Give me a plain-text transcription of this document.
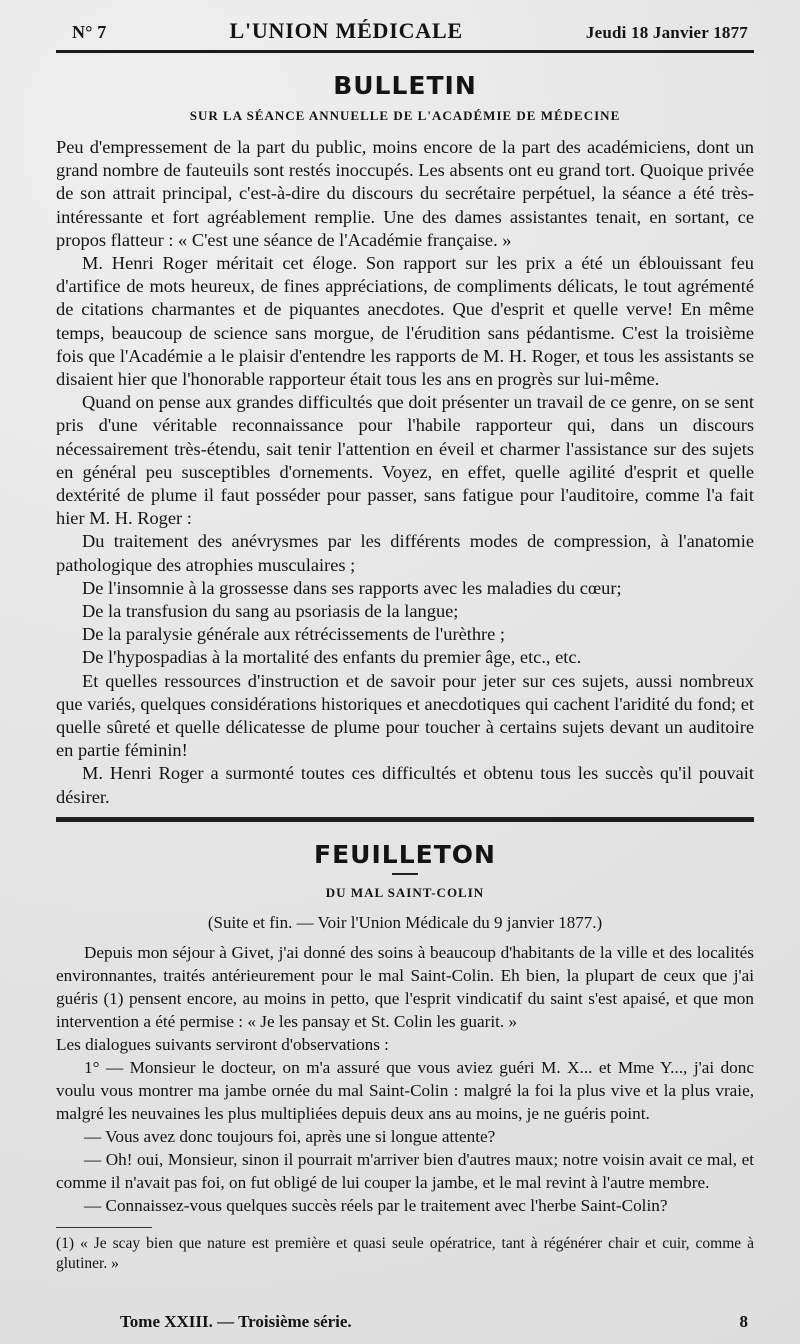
N° 7	L'UNION MÉDICALE	Jeudi 18 Janvier 1877
BULLETIN
SUR LA SÉANCE ANNUELLE DE L'ACADÉMIE DE MÉDECINE

Peu d'empressement de la part du public, moins encore de la part des académiciens, dont un grand nombre de fauteuils sont restés inoccupés. Les absents ont eu grand tort. Quoique privée de son attrait principal, c'est-à-dire du discours du secrétaire perpétuel, la séance a été très-intéressante et fort agréablement remplie. Une des dames assistantes tenait, en sortant, ce propos flatteur : « C'est une séance de l'Académie française. »

M. Henri Roger méritait cet éloge. Son rapport sur les prix a été un éblouissant feu d'artifice de mots heureux, de fines appréciations, de compliments délicats, le tout agrémenté de citations charmantes et de piquantes anecdotes. Que d'esprit et quelle verve! En même temps, beaucoup de science sans morgue, de l'érudition sans pédantisme. C'est la troisième fois que l'Académie a le plaisir d'entendre les rapports de M. H. Roger, et tous les assistants se disaient hier que l'honorable rapporteur était tous les ans en progrès sur lui-même.

Quand on pense aux grandes difficultés que doit présenter un travail de ce genre, on se sent pris d'une véritable reconnaissance pour l'habile rapporteur qui, dans un discours nécessairement très-étendu, sait tenir l'attention en éveil et charmer l'assistance sur des sujets en général peu susceptibles d'ornements. Voyez, en effet, quelle agilité d'esprit et quelle dextérité de plume il faut posséder pour passer, sans fatigue pour l'auditoire, comme l'a fait hier M. H. Roger :

Du traitement des anévrysmes par les différents modes de compression, à l'anatomie pathologique des atrophies musculaires ;

De l'insomnie à la grossesse dans ses rapports avec les maladies du cœur;

De la transfusion du sang au psoriasis de la langue;

De la paralysie générale aux rétrécissements de l'urèthre ;

De l'hypospadias à la mortalité des enfants du premier âge, etc., etc.

Et quelles ressources d'instruction et de savoir pour jeter sur ces sujets, aussi nombreux que variés, quelques considérations historiques et anecdotiques qui cachent l'aridité du fond; et quelle sûreté et quelle délicatesse de plume pour toucher à certains sujets devant un auditoire en partie féminin!

M. Henri Roger a surmonté toutes ces difficultés et obtenu tous les succès qu'il pouvait désirer.

FEUILLETON
DU MAL SAINT-COLIN
(Suite et fin. — Voir l'Union Médicale du 9 janvier 1877.)

Depuis mon séjour à Givet, j'ai donné des soins à beaucoup d'habitants de la ville et des localités environnantes, traités antérieurement pour le mal Saint-Colin. Eh bien, la plupart de ceux que j'ai guéris (1) pensent encore, au moins in petto, que l'esprit vindicatif du saint s'est apaisé, et que mon intervention a été permise : « Je les pansay et St. Colin les guarit. »

Les dialogues suivants serviront d'observations :

1° — Monsieur le docteur, on m'a assuré que vous aviez guéri M. X... et Mme Y..., j'ai donc voulu vous montrer ma jambe ornée du mal Saint-Colin : malgré la foi la plus vive et la plus vraie, malgré les neuvaines les plus multipliées depuis deux ans au moins, je ne guéris point.

— Vous avez donc toujours foi, après une si longue attente?

— Oh! oui, Monsieur, sinon il pourrait m'arriver bien d'autres maux; notre voisin avait ce mal, et comme il n'avait pas foi, on fut obligé de lui couper la jambe, et le mal revint à l'autre membre.

— Connaissez-vous quelques succès réels par le traitement avec l'herbe Saint-Colin?

(1) « Je scay bien que nature est première et quasi seule opératrice, tant à régénérer chair et cuir, comme à glutiner. »

Tome XXIII. — Troisième série.	8
